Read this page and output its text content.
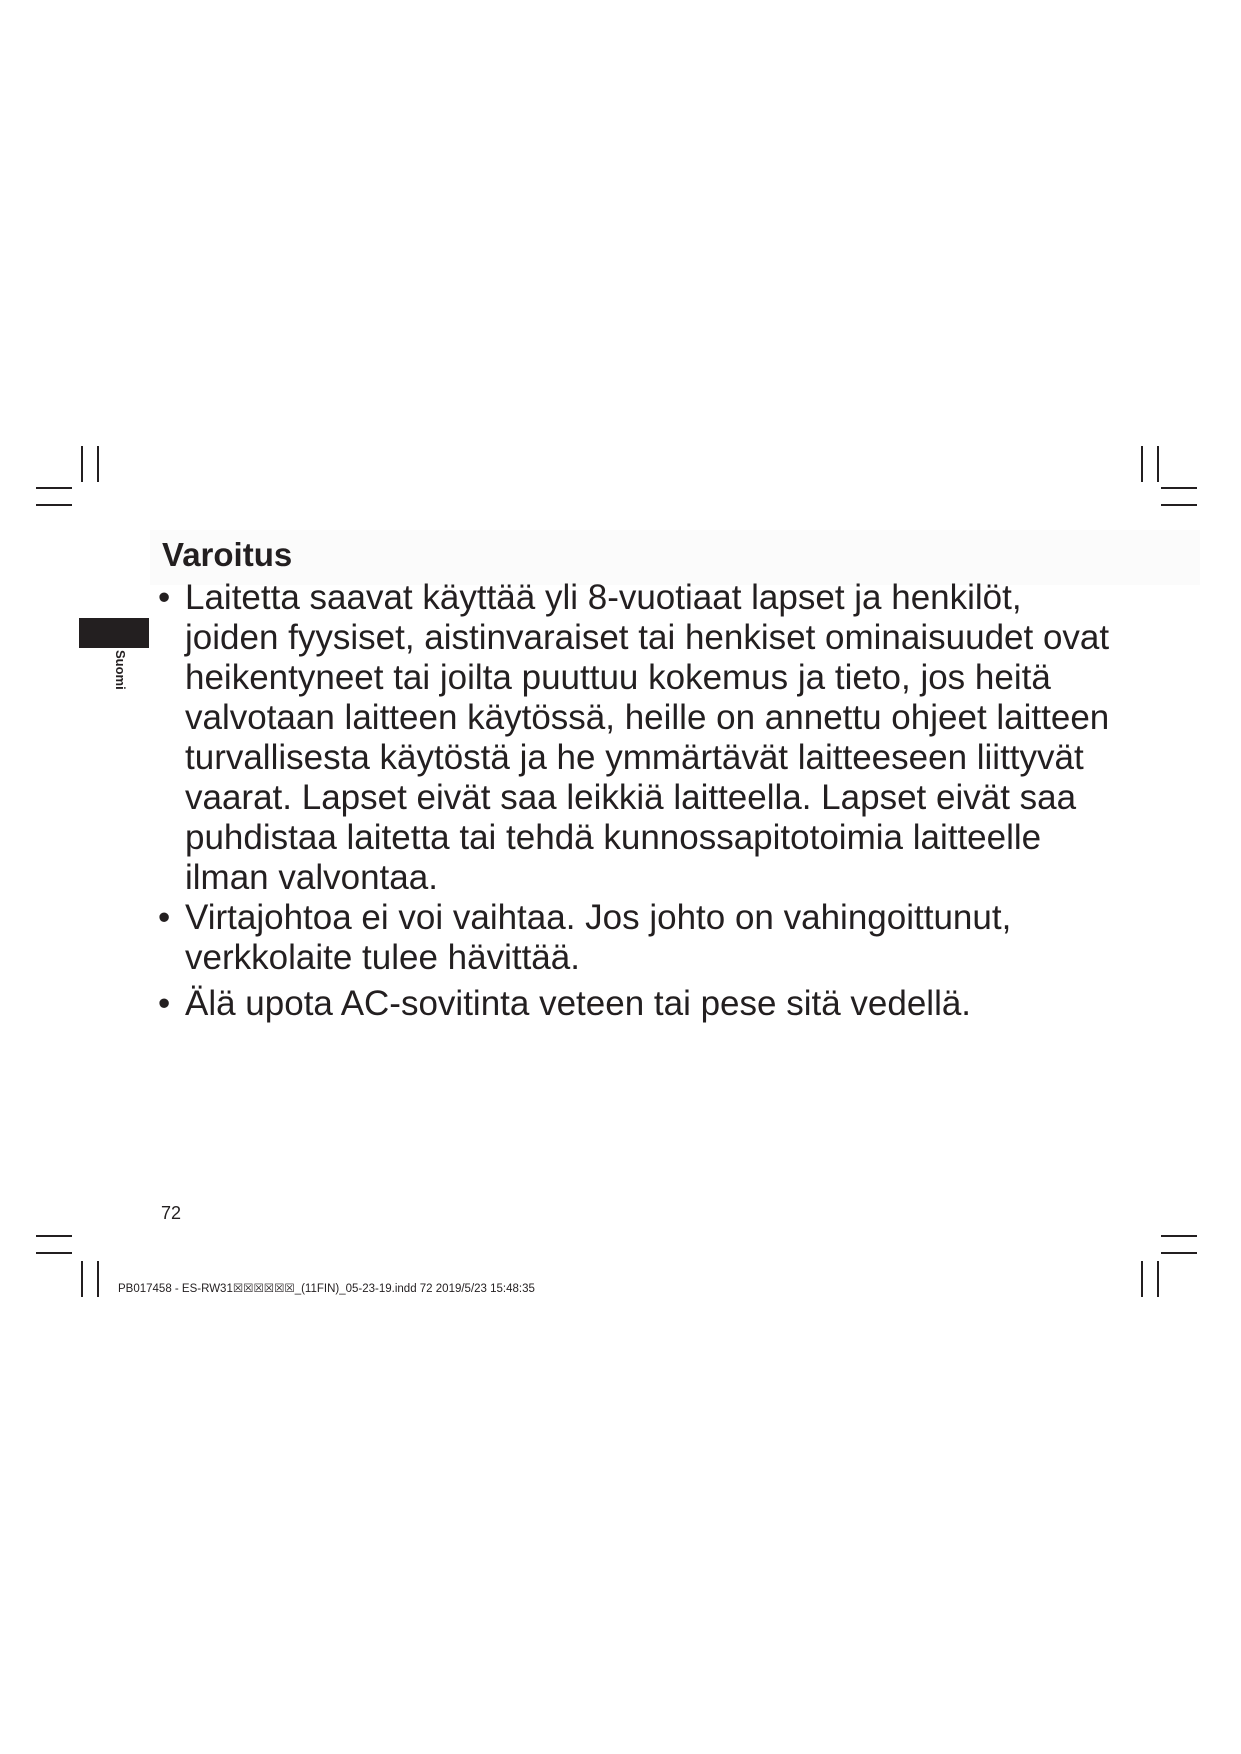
Suomi
Varoitus
• Laitetta saavat käyttää yli 8-vuotiaat lapset ja henkilöt, joiden fyysiset, aistinvaraiset tai henkiset ominaisuudet ovat heikentyneet tai joilta puuttuu kokemus ja tieto, jos heitä valvotaan laitteen käytössä, heille on annettu ohjeet laitteen turvallisesta käytöstä ja he ymmärtävät laitteeseen liittyvät vaarat. Lapset eivät saa leikkiä laitteella. Lapset eivät saa puhdistaa laitetta tai tehdä kunnossapitotoimia laitteelle ilman valvontaa.
• Virtajohtoa ei voi vaihtaa. Jos johto on vahingoittunut, verkkolaite tulee hävittää.
• Älä upota AC-sovitinta veteen tai pese sitä vedellä.
72
PB017458 - ES-RW31☒☒☒☒☒☒_(11FIN)_05-23-19.indd 72 2019/5/23 15:48:35
